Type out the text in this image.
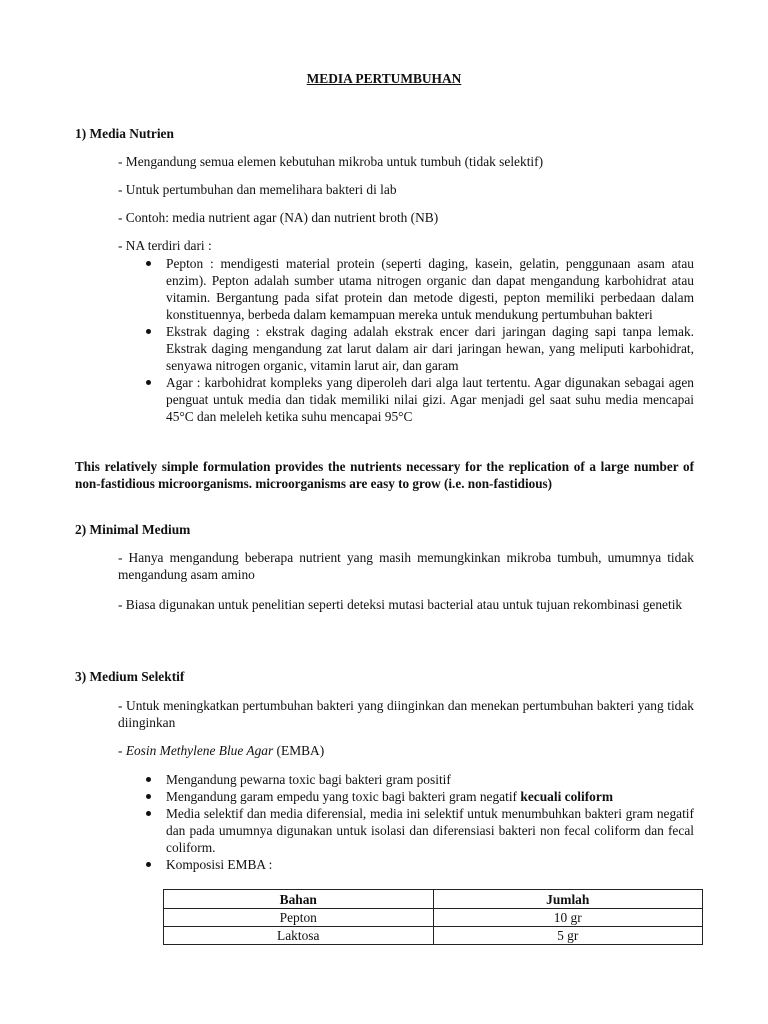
MEDIA PERTUMBUHAN
1) Media Nutrien
- Mengandung semua elemen kebutuhan mikroba untuk tumbuh (tidak selektif)
- Untuk pertumbuhan dan memelihara bakteri di lab
- Contoh: media nutrient agar (NA) dan nutrient broth (NB)
- NA terdiri dari :
Pepton : mendigesti material protein (seperti daging, kasein, gelatin, penggunaan asam atau enzim). Pepton adalah sumber utama nitrogen organic dan dapat mengandung karbohidrat atau vitamin. Bergantung pada sifat protein dan metode digesti, pepton memiliki perbedaan dalam konstituennya, berbeda dalam kemampuan mereka untuk mendukung pertumbuhan bakteri
Ekstrak daging : ekstrak daging adalah ekstrak encer dari jaringan daging sapi tanpa lemak. Ekstrak daging mengandung zat larut dalam air dari jaringan hewan, yang meliputi karbohidrat, senyawa nitrogen organic, vitamin larut air, dan garam
Agar : karbohidrat kompleks yang diperoleh dari alga laut tertentu. Agar digunakan sebagai agen penguat untuk media dan tidak memiliki nilai gizi. Agar menjadi gel saat suhu media mencapai 45°C dan meleleh ketika suhu mencapai 95°C
This relatively simple formulation provides the nutrients necessary for the replication of a large number of non-fastidious microorganisms. microorganisms are easy to grow (i.e. non-fastidious)
2) Minimal Medium
- Hanya mengandung beberapa nutrient yang masih memungkinkan mikroba tumbuh, umumnya tidak mengandung asam amino
- Biasa digunakan untuk penelitian seperti deteksi mutasi bacterial atau untuk tujuan rekombinasi genetik
3) Medium Selektif
- Untuk meningkatkan pertumbuhan bakteri yang diinginkan dan menekan pertumbuhan bakteri yang tidak diinginkan
- Eosin Methylene Blue Agar (EMBA)
Mengandung pewarna toxic bagi bakteri gram positif
Mengandung garam empedu yang toxic bagi bakteri gram negatif kecuali coliform
Media selektif dan media diferensial, media ini selektif untuk menumbuhkan bakteri gram negatif dan pada umumnya digunakan untuk isolasi dan diferensiasi bakteri non fecal coliform dan fecal coliform.
Komposisi EMBA :
Bahan	Jumlah
Pepton	10 gr
Laktosa	5 gr
